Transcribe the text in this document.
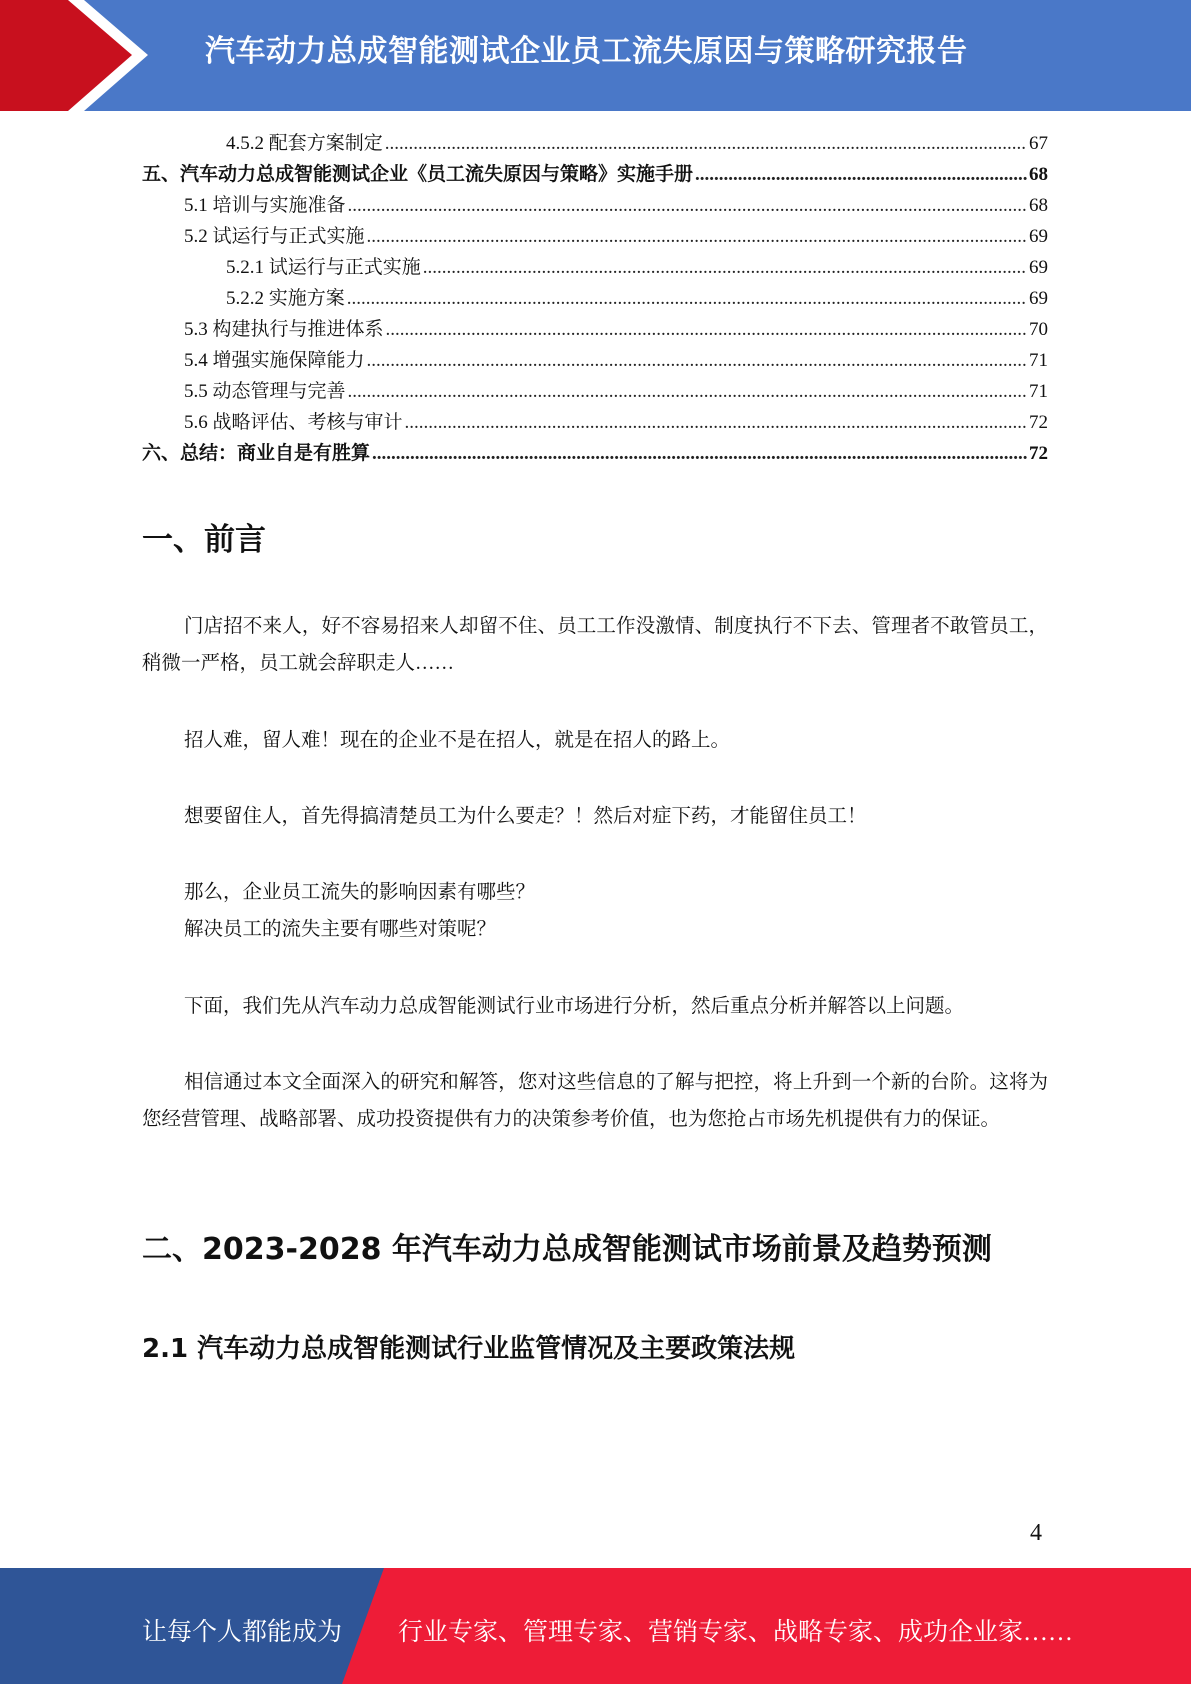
汽车动力总成智能测试企业员工流失原因与策略研究报告
4.5.2 配套方案制定 .....	67
五、汽车动力总成智能测试企业《员工流失原因与策略》实施手册 .....	68
5.1 培训与实施准备 .....	68
5.2 试运行与正式实施 .....	69
5.2.1 试运行与正式实施 .....	69
5.2.2 实施方案 .....	69
5.3 构建执行与推进体系 .....	70
5.4 增强实施保障能力 .....	71
5.5 动态管理与完善 .....	71
5.6 战略评估、考核与审计 .....	72
六、总结：商业自是有胜算 .....	72
一、前言
门店招不来人，好不容易招来人却留不住、员工工作没激情、制度执行不下去、管理者不敢管员工，稍微一严格，员工就会辞职走人……
招人难，留人难！现在的企业不是在招人，就是在招人的路上。
想要留住人，首先得搞清楚员工为什么要走？！然后对症下药，才能留住员工！
那么，企业员工流失的影响因素有哪些？
解决员工的流失主要有哪些对策呢？
下面，我们先从汽车动力总成智能测试行业市场进行分析，然后重点分析并解答以上问题。
相信通过本文全面深入的研究和解答，您对这些信息的了解与把控，将上升到一个新的台阶。这将为您经营管理、战略部署、成功投资提供有力的决策参考价值，也为您抢占市场先机提供有力的保证。
二、2023-2028 年汽车动力总成智能测试市场前景及趋势预测
2.1 汽车动力总成智能测试行业监管情况及主要政策法规
4
让每个人都能成为 行业专家、管理专家、营销专家、战略专家、成功企业家……
